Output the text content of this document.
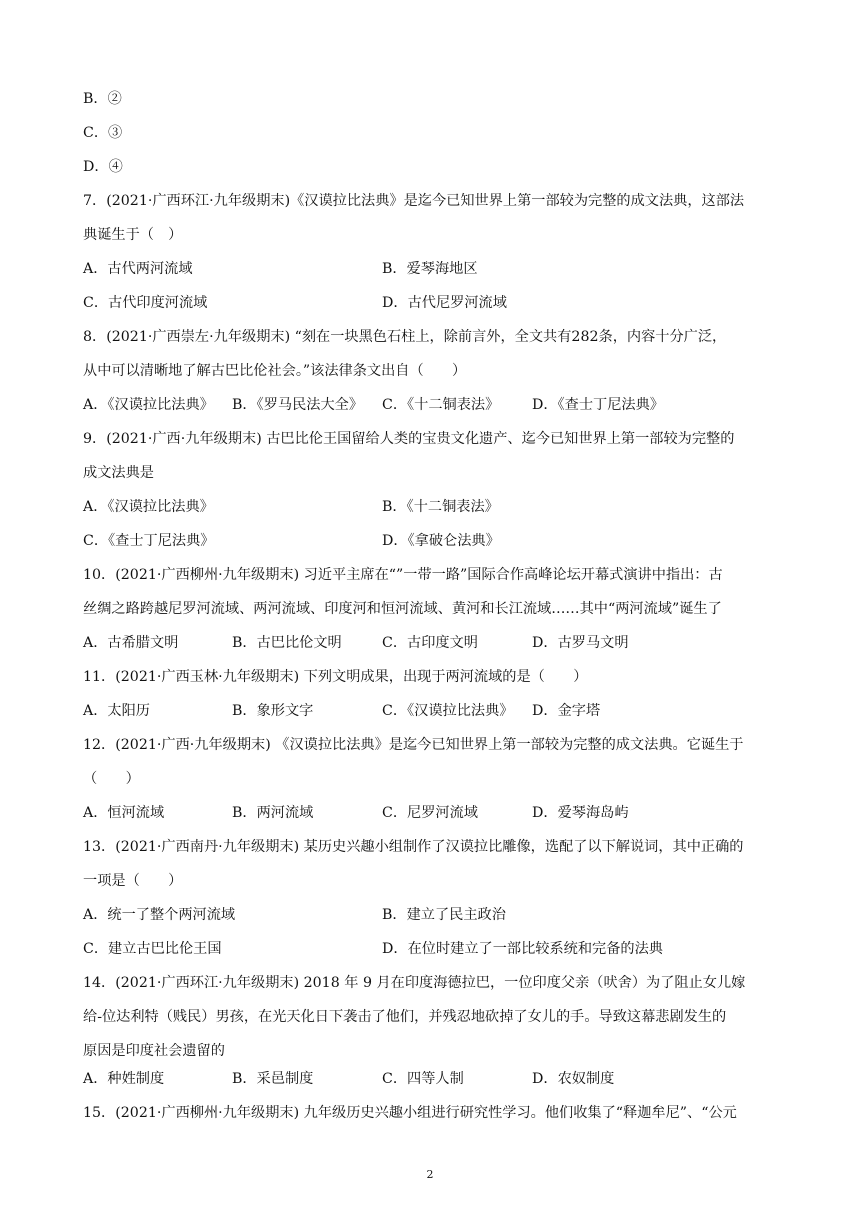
B．②
C．③
D．④
7．(2021·广西环江·九年级期末)《汉谟拉比法典》是迄今已知世界上第一部较为完整的成文法典，这部法
典诞生于（　）
A．古代两河流域	B．爱琴海地区
C．古代印度河流域	D．古代尼罗河流域
8．(2021·广西崇左·九年级期末) “刻在一块黑色石柱上，除前言外，全文共有282条，内容十分广泛，
从中可以清晰地了解古巴比伦社会。”该法律条文出自（　　）
A．《汉谟拉比法典》 B．《罗马民法大全》 C．《十二铜表法》 D．《查士丁尼法典》
9．(2021·广西·九年级期末) 古巴比伦王国留给人类的宝贵文化遗产、迄今已知世界上第一部较为完整的
成文法典是
A．《汉谟拉比法典》	B．《十二铜表法》
C．《查士丁尼法典》	D．《拿破仑法典》
10．(2021·广西柳州·九年级期末) 习近平主席在“”一带一路”国际合作高峰论坛开幕式演讲中指出：古
丝绸之路跨越尼罗河流域、两河流域、印度河和恒河流域、黄河和长江流域……其中“两河流域”诞生了
A．古希腊文明	B．古巴比伦文明	C．古印度文明	D．古罗马文明
11．(2021·广西玉林·九年级期末) 下列文明成果，出现于两河流域的是（　　）
A．太阳历	B．象形文字	C．《汉谟拉比法典》 D．金字塔
12．(2021·广西·九年级期末) 《汉谟拉比法典》是迄今已知世界上第一部较为完整的成文法典。它诞生于
（　　）
A．恒河流域	B．两河流域	C．尼罗河流域	D．爱琴海岛屿
13．(2021·广西南丹·九年级期末) 某历史兴趣小组制作了汉谟拉比雕像，选配了以下解说词，其中正确的
一项是（　　）
A．统一了整个两河流域	B．建立了民主政治
C．建立古巴比伦王国	D．在位时建立了一部比较系统和完备的法典
14．(2021·广西环江·九年级期末) 2018 年 9 月在印度海德拉巴，一位印度父亲（吠舍）为了阻止女儿嫁
给-位达利特（贱民）男孩，在光天化日下袭击了他们，并残忍地砍掉了女儿的手。导致这幕悲剧发生的
原因是印度社会遗留的
A．种姓制度	B．采邑制度	C．四等人制	D．农奴制度
15．(2021·广西柳州·九年级期末) 九年级历史兴趣小组进行研究性学习。他们收集了“释迦牟尼”、“公元
2
